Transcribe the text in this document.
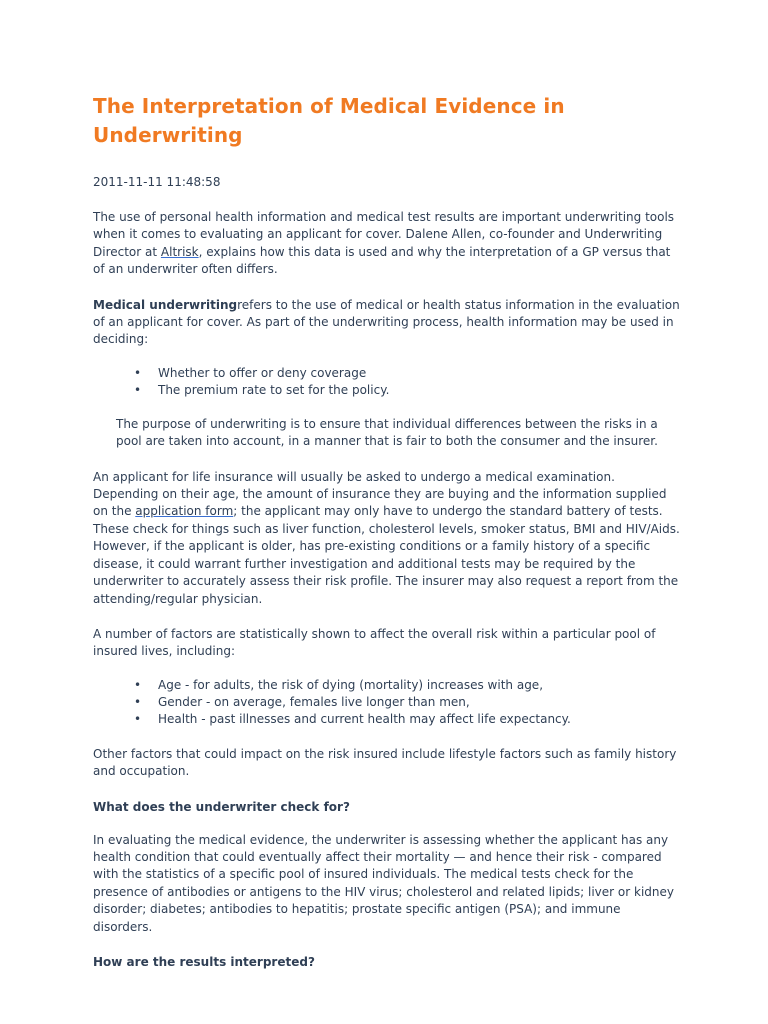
The Interpretation of Medical Evidence in Underwriting
2011-11-11 11:48:58

The use of personal health information and medical test results are important underwriting tools when it comes to evaluating an applicant for cover. Dalene Allen, co-founder and Underwriting Director at Altrisk, explains how this data is used and why the interpretation of a GP versus that of an underwriter often differs.

Medical underwritingrefers to the use of medical or health status information in the evaluation of an applicant for cover. As part of the underwriting process, health information may be used in deciding:

• Whether to offer or deny coverage
• The premium rate to set for the policy.

The purpose of underwriting is to ensure that individual differences between the risks in a pool are taken into account, in a manner that is fair to both the consumer and the insurer.

An applicant for life insurance will usually be asked to undergo a medical examination. Depending on their age, the amount of insurance they are buying and the information supplied on the application form; the applicant may only have to undergo the standard battery of tests. These check for things such as liver function, cholesterol levels, smoker status, BMI and HIV/Aids. However, if the applicant is older, has pre-existing conditions or a family history of a specific disease, it could warrant further investigation and additional tests may be required by the underwriter to accurately assess their risk profile. The insurer may also request a report from the attending/regular physician.

A number of factors are statistically shown to affect the overall risk within a particular pool of insured lives, including:

• Age - for adults, the risk of dying (mortality) increases with age,
• Gender - on average, females live longer than men,
• Health - past illnesses and current health may affect life expectancy.

Other factors that could impact on the risk insured include lifestyle factors such as family history and occupation.

What does the underwriter check for?

In evaluating the medical evidence, the underwriter is assessing whether the applicant has any health condition that could eventually affect their mortality — and hence their risk - compared with the statistics of a specific pool of insured individuals. The medical tests check for the presence of antibodies or antigens to the HIV virus; cholesterol and related lipids; liver or kidney disorder; diabetes; antibodies to hepatitis; prostate specific antigen (PSA); and immune disorders.

How are the results interpreted?
